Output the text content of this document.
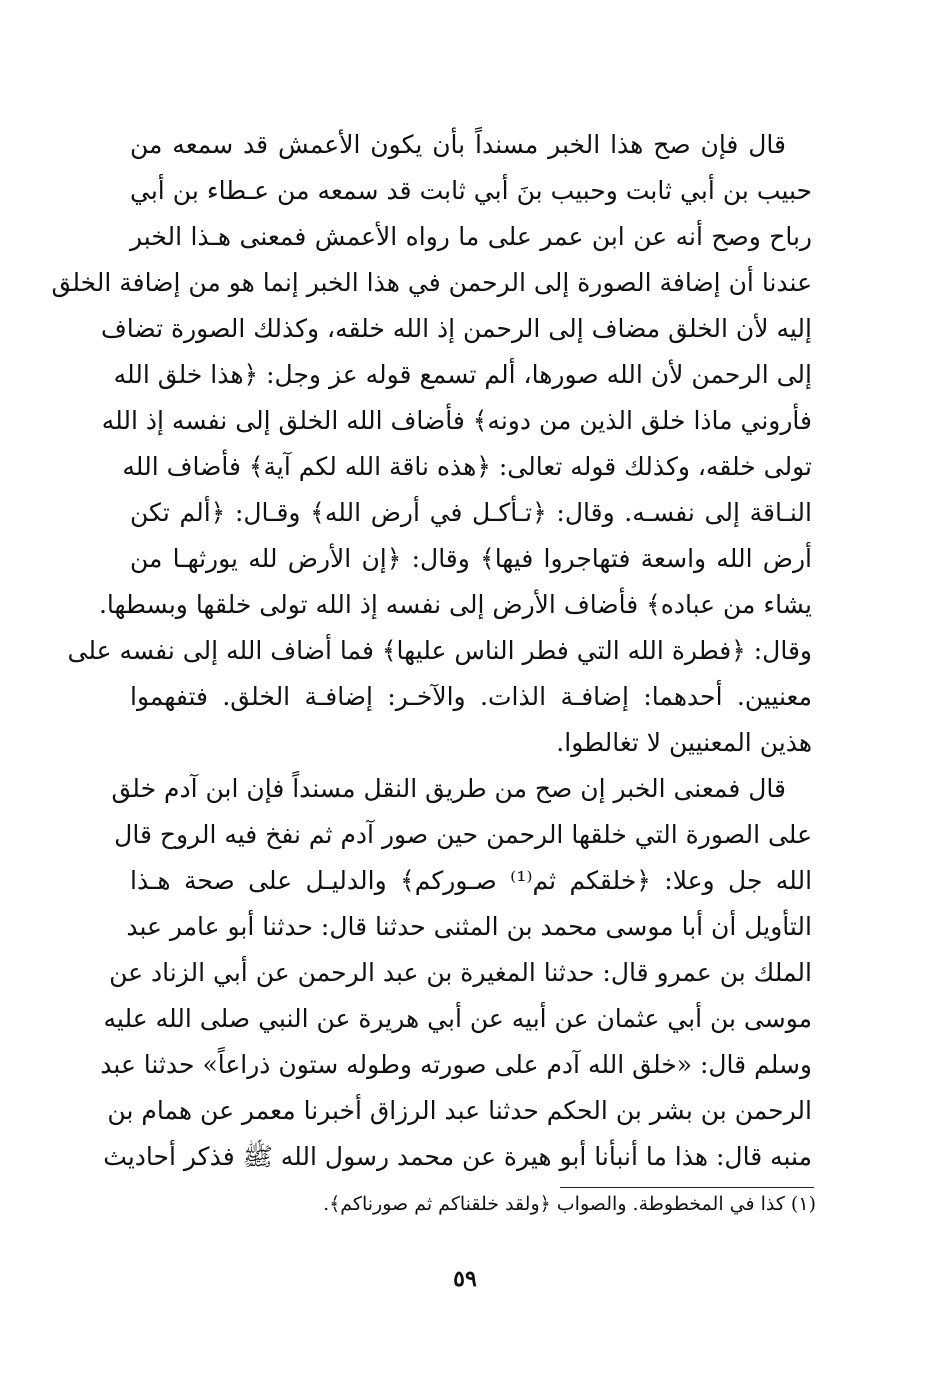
قال فإن صح هذا الخبر مسنداً بأن يكون الأعمش قد سمعه من
حبيب بن أبي ثابت وحبيب بنَ أبي ثابت قد سمعه من عـطاء بن أبي
رباح وصح أنه عن ابن عمر على ما رواه الأعمش فمعنى هـذا الخبر
عندنا أن إضافة الصورة إلى الرحمن في هذا الخبر إنما هو من إضافة الخلق
إليه لأن الخلق مضاف إلى الرحمن إذ الله خلقه، وكذلك الصورة تضاف
إلى الرحمن لأن الله صورها، ألم تسمع قوله عز وجل: ﴿هذا خلق الله
فأروني ماذا خلق الذين من دونه﴾ فأضاف الله الخلق إلى نفسه إذ الله
تولى خلقه، وكذلك قوله تعالى: ﴿هذه ناقة الله لكم آية﴾ فأضاف الله
النـاقة إلى نفسـه. وقال: ﴿تـأكـل في أرض الله﴾ وقـال: ﴿ألم تكن
أرض الله واسعة فتهاجروا فيها﴾ وقال: ﴿إن الأرض لله يورثهـا من
يشاء من عباده﴾ فأضاف الأرض إلى نفسه إذ الله تولى خلقها وبسطها.
وقال: ﴿فطرة الله التي فطر الناس عليها﴾ فما أضاف الله إلى نفسه على
معنيين. أحدهما: إضافـة الذات. والآخـر: إضافـة الخلق. فتفهموا
هذين المعنيين لا تغالطوا.
قال فمعنى الخبر إن صح من طريق النقل مسنداً فإن ابن آدم خلق
على الصورة التي خلقها الرحمن حين صور آدم ثم نفخ فيه الروح قال
الله جل وعلا: ﴿خلقكم ثم⁽¹⁾ صـوركم﴾ والدليـل على صحة هـذا
التأويل أن أبا موسى محمد بن المثنى حدثنا قال: حدثنا أبو عامر عبد
الملك بن عمرو قال: حدثنا المغيرة بن عبد الرحمن عن أبي الزناد عن
موسى بن أبي عثمان عن أبيه عن أبي هريرة عن النبي صلى الله عليه
وسلم قال: «خلق الله آدم على صورته وطوله ستون ذراعاً» حدثنا عبد
الرحمن بن بشر بن الحكم حدثنا عبد الرزاق أخبرنا معمر عن همام بن
منبه قال: هذا ما أنبأنا أبو هيرة عن محمد رسول الله ﷺ فذكر أحاديث
(١) كذا في المخطوطة. والصواب ﴿ولقد خلقناكم ثم صورناكم﴾.
٥٩
